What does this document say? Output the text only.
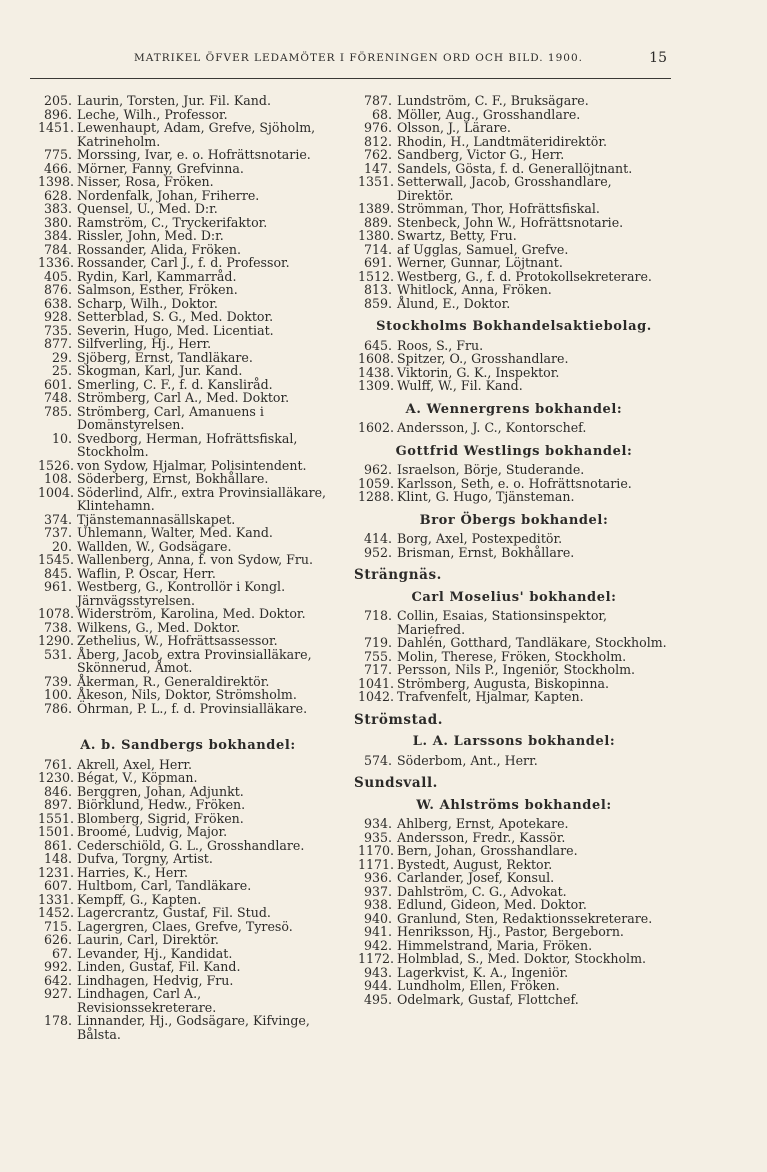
MATRIKEL ÖFVER LEDAMÖTER I FÖRENINGEN ORD OCH BILD. 1900.	15
205. Laurin, Torsten, Jur. Fil. Kand.
896. Leche, Wilh., Professor.
1451. Lewenhaupt, Adam, Grefve, Sjöholm, Katrineholm.
775. Morssing, Ivar, e. o. Hofrättsnotarie.
466. Mörner, Fanny, Grefvinna.
1398. Nisser, Rosa, Fröken.
628. Nordenfalk, Johan, Friherre.
383. Quensel, U., Med. D:r.
380. Ramström, C., Tryckerifaktor.
384. Rissler, John, Med. D:r.
784. Rossander, Alida, Fröken.
1336. Rossander, Carl J., f. d. Professor.
405. Rydin, Karl, Kammarråd.
876. Salmson, Esther, Fröken.
638. Scharp, Wilh., Doktor.
928. Setterblad, S. G., Med. Doktor.
735. Severin, Hugo, Med. Licentiat.
877. Silfverling, Hj., Herr.
29. Sjöberg, Ernst, Tandläkare.
25. Skogman, Karl, Jur. Kand.
601. Smerling, C. F., f. d. Kansliråd.
748. Strömberg, Carl A., Med. Doktor.
785. Strömberg, Carl, Amanuens i Domänstyrelsen.
10. Svedborg, Herman, Hofrättsfiskal, Stockholm.
1526. von Sydow, Hjalmar, Polisintendent.
108. Söderberg, Ernst, Bokhållare.
1004. Söderlind, Alfr., extra Provinsialläkare, Klintehamn.
374. Tjänstemannasällskapet.
737. Uhlemann, Walter, Med. Kand.
20. Wallden, W., Godsägare.
1545. Wallenberg, Anna, f. von Sydow, Fru.
845. Waflin, P. Oscar, Herr.
961. Westberg, G., Kontrollör i Kongl. Järnvägsstyrelsen.
1078. Widerström, Karolina, Med. Doktor.
738. Wilkens, G., Med. Doktor.
1290. Zethelius, W., Hofrättsassessor.
531. Åberg, Jacob, extra Provinsialläkare, Skönnerud, Åmot.
739. Åkerman, R., Generaldirektör.
100. Åkeson, Nils, Doktor, Strömsholm.
786. Öhrman, P. L., f. d. Provinsialläkare.
A. b. Sandbergs bokhandel:
761. Akrell, Axel, Herr.
1230. Bégat, V., Köpman.
846. Berggren, Johan, Adjunkt.
897. Biörklund, Hedw., Fröken.
1551. Blomberg, Sigrid, Fröken.
1501. Broomé, Ludvig, Major.
861. Cederschiöld, G. L., Grosshandlare.
148. Dufva, Torgny, Artist.
1231. Harries, K., Herr.
607. Hultbom, Carl, Tandläkare.
1331. Kempff, G., Kapten.
1452. Lagercrantz, Gustaf, Fil. Stud.
715. Lagergren, Claes, Grefve, Tyresö.
626. Laurin, Carl, Direktör.
67. Levander, Hj., Kandidat.
992. Linden, Gustaf, Fil. Kand.
642. Lindhagen, Hedvig, Fru.
927. Lindhagen, Carl A., Revisionssekreterare.
178. Linnander, Hj., Godsägare, Kifvinge, Bålsta.
787. Lundström, C. F., Bruksägare.
68. Möller, Aug., Grosshandlare.
976. Olsson, J., Lärare.
812. Rhodin, H., Landtmäteridirektör.
762. Sandberg, Victor G., Herr.
147. Sandels, Gösta, f. d. Generallöjtnant.
1351. Setterwall, Jacob, Grosshandlare, Direktör.
1389. Strömman, Thor, Hofrättsfiskal.
889. Stenbeck, John W., Hofrättsnotarie.
1380. Swartz, Betty, Fru.
714. af Ugglas, Samuel, Grefve.
691. Werner, Gunnar, Löjtnant.
1512. Westberg, G., f. d. Protokollsekreterare.
813. Whitlock, Anna, Fröken.
859. Ålund, E., Doktor.
Stockholms Bokhandelsaktiebolag.
645. Roos, S., Fru.
1608. Spitzer, O., Grosshandlare.
1438. Viktorin, G. K., Inspektor.
1309. Wulff, W., Fil. Kand.
A. Wennergrens bokhandel:
1602. Andersson, J. C., Kontorschef.
Gottfrid Westlings bokhandel:
962. Israelson, Börje, Studerande.
1059. Karlsson, Seth, e. o. Hofrättsnotarie.
1288. Klint, G. Hugo, Tjänsteman.
Bror Öbergs bokhandel:
414. Borg, Axel, Postexpeditör.
952. Brisman, Ernst, Bokhållare.
Strängnäs.
Carl Moselius' bokhandel:
718. Collin, Esaias, Stationsinspektor, Mariefred.
719. Dahlén, Gotthard, Tandläkare, Stockholm.
755. Molin, Therese, Fröken, Stockholm.
717. Persson, Nils P., Ingeniör, Stockholm.
1041. Strömberg, Augusta, Biskopinna.
1042. Trafvenfelt, Hjalmar, Kapten.
Strömstad.
L. A. Larssons bokhandel:
574. Söderbom, Ant., Herr.
Sundsvall.
W. Ahlströms bokhandel:
934. Ahlberg, Ernst, Apotekare.
935. Andersson, Fredr., Kassör.
1170. Bern, Johan, Grosshandlare.
1171. Bystedt, August, Rektor.
936. Carlander, Josef, Konsul.
937. Dahlström, C. G., Advokat.
938. Edlund, Gideon, Med. Doktor.
940. Granlund, Sten, Redaktionssekreterare.
941. Henriksson, Hj., Pastor, Bergeborn.
942. Himmelstrand, Maria, Fröken.
1172. Holmblad, S., Med. Doktor, Stockholm.
943. Lagerkvist, K. A., Ingeniör.
944. Lundholm, Ellen, Fröken.
495. Odelmark, Gustaf, Flottchef.
